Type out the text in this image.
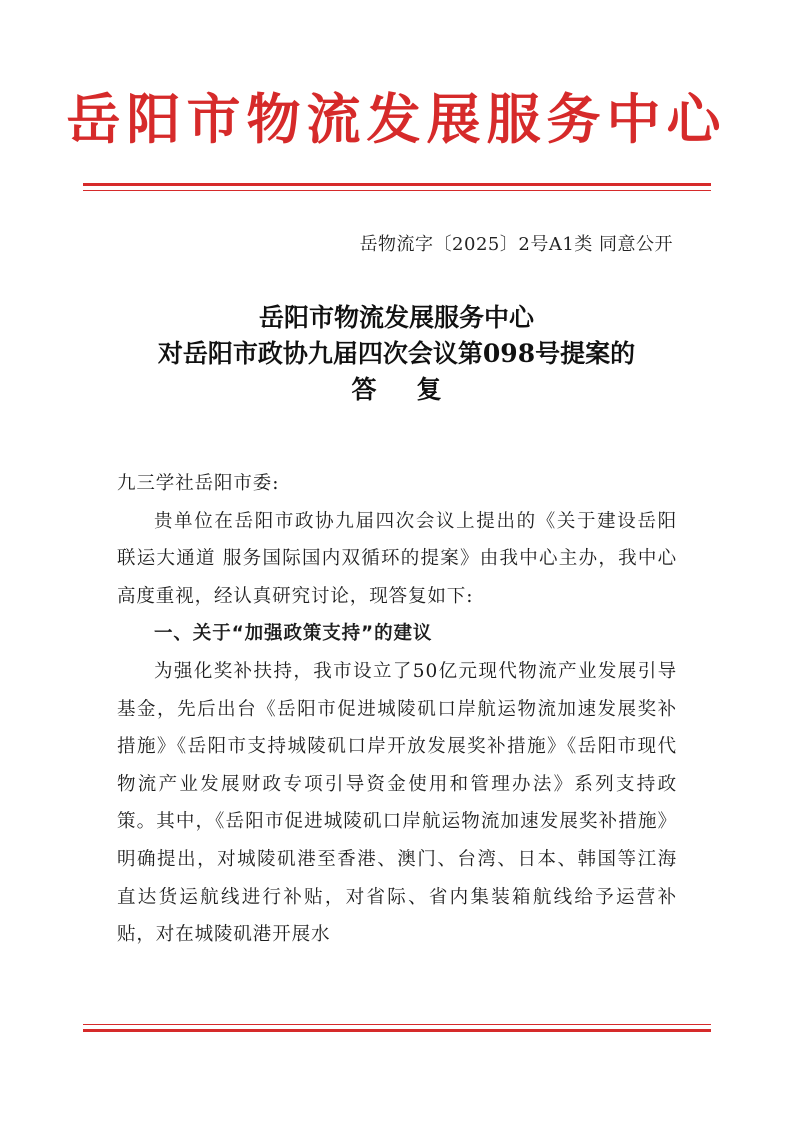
岳阳市物流发展服务中心
岳物流字〔2025〕2号A1类 同意公开
岳阳市物流发展服务中心
对岳阳市政协九届四次会议第098号提案的
答复

九三学社岳阳市委:

贵单位在岳阳市政协九届四次会议上提出的《关于建设岳阳联运大通道 服务国际国内双循环的提案》由我中心主办，我中心高度重视，经认真研究讨论，现答复如下:

一、关于“加强政策支持”的建议

为强化奖补扶持，我市设立了50亿元现代物流产业发展引导基金，先后出台《岳阳市促进城陵矶口岸航运物流加速发展奖补措施》《岳阳市支持城陵矶口岸开放发展奖补措施》《岳阳市现代物流产业发展财政专项引导资金使用和管理办法》系列支持政策。其中，《岳阳市促进城陵矶口岸航运物流加速发展奖补措施》明确提出，对城陵矶港至香港、澳门、台湾、日本、韩国等江海直达货运航线进行补贴，对省际、省内集装箱航线给予运营补贴，对在城陵矶港开展水
